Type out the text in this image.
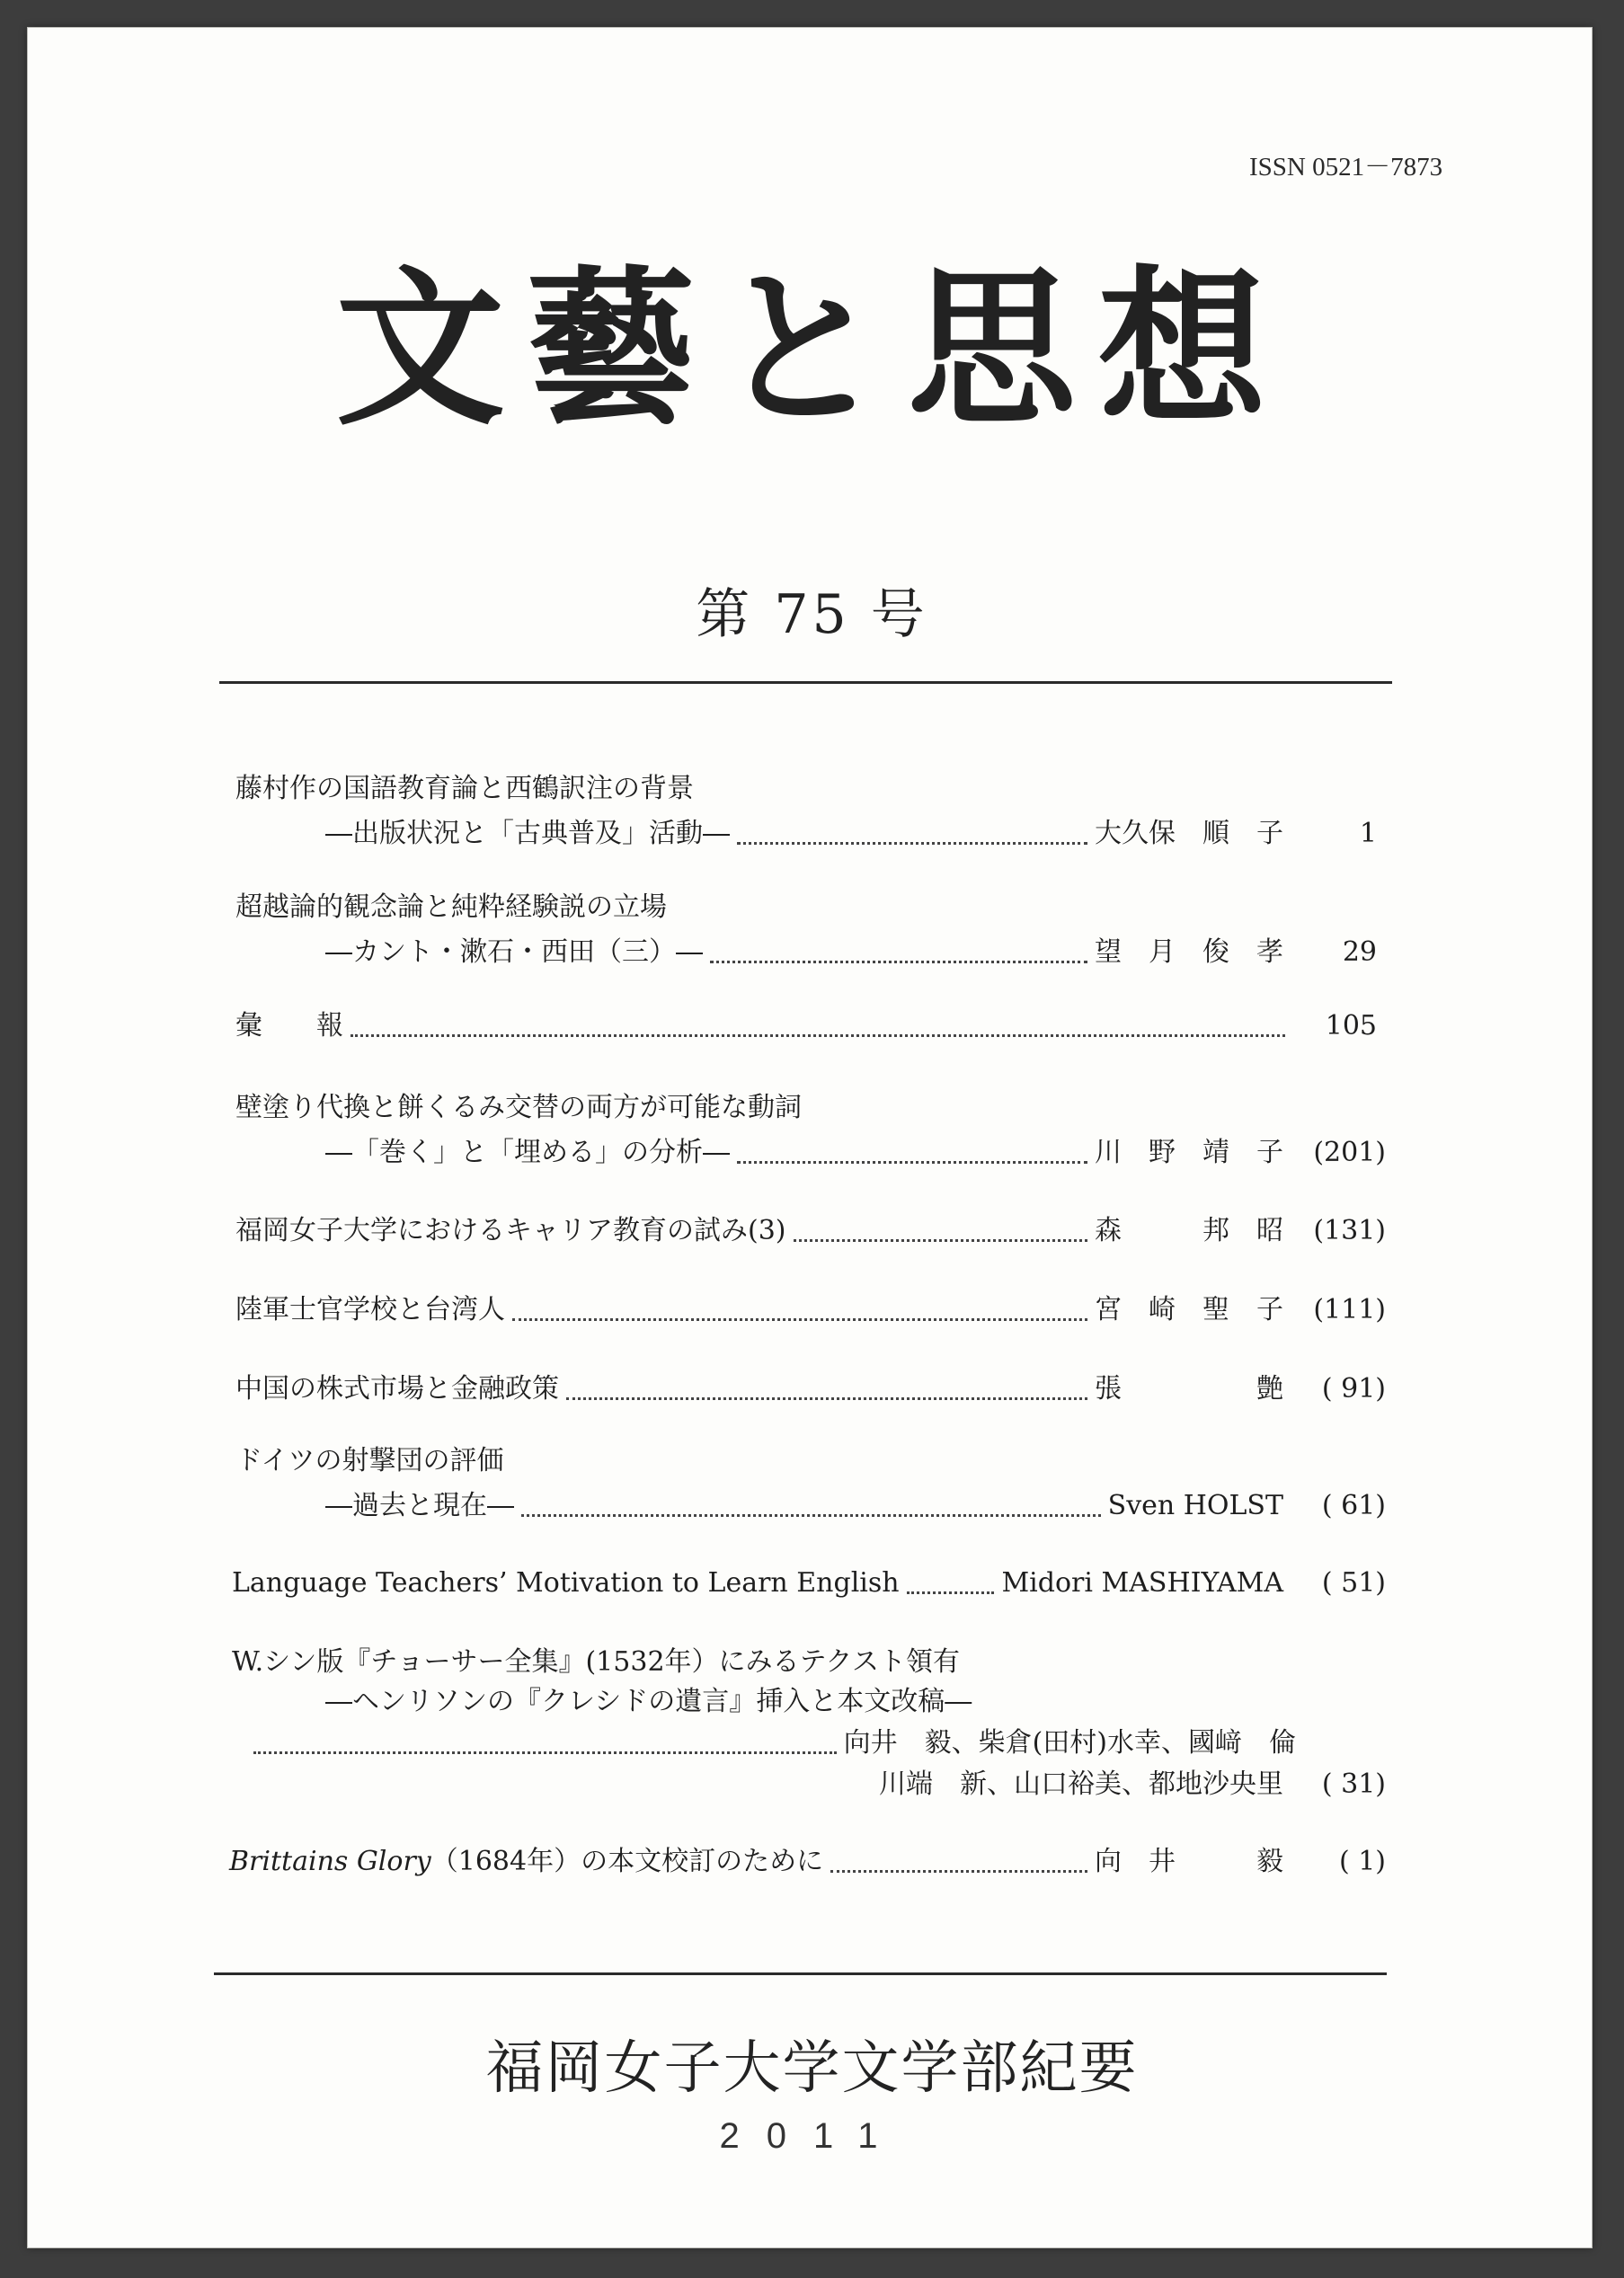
ISSN 0521－7873
文藝と思想
第 75 号
藤村作の国語教育論と西鶴訳注の背景
―出版状況と「古典普及」活動―	大久保　順　子	1
超越論的観念論と純粋経験説の立場
―カント・漱石・西田（三）―	望　月　俊　孝	29
彙　　報	105
壁塗り代換と餅くるみ交替の両方が可能な動詞
―「巻く」と「埋める」の分析―	川　野　靖　子	(201)
福岡女子大学におけるキャリア教育の試み(3)	森　　　邦　昭	(131)
陸軍士官学校と台湾人	宮　崎　聖　子	(111)
中国の株式市場と金融政策	張　　　　　艶	( 91)
ドイツの射撃団の評価
―過去と現在―	Sven HOLST	( 61)
Language Teachers’ Motivation to Learn English	Midori MASHIYAMA	( 51)
W.シン版『チョーサー全集』(1532年）にみるテクスト領有
―ヘンリソンの『クレシドの遺言』挿入と本文改稿―
向井　毅、柴倉(田村)水幸、國﨑　倫
川端　新、山口裕美、都地沙央里	( 31)
Brittains Glory （1684年）の本文校訂のために	向　井　　　毅	( 1)
福岡女子大学文学部紀要
2011
